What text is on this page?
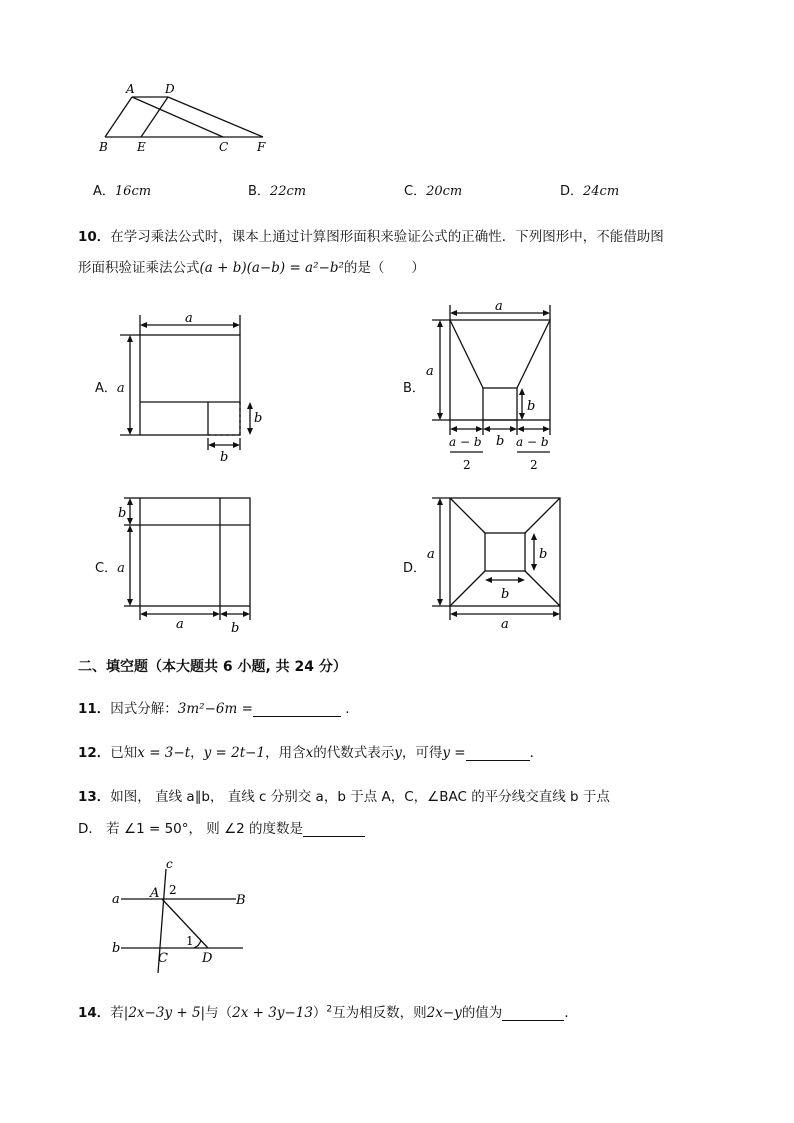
A	D
B E	C F
A．16cm	B．22cm	C．20cm	D．24cm
10．在学习乘法公式时，课本上通过计算图形面积来验证公式的正确性．下列图形中，不能借助图
形面积验证乘法公式(a + b)(a−b) = a²−b²的是（　　）
A．a
a
b
b
B．
a
a
b
a − b
2
b a − b
2
C．a
b
a	b
D．
a	b
b
a
二、填空题（本大题共 6 小题, 共 24 分）
11．因式分解：3m²−6m =	.
12．已知x = 3−t，y = 2t−1，用含x的代数式表示y，可得y =	．
13．如图， 直线 a∥b， 直线 c 分别交 a，b 于点 A，C，∠BAC 的平分线交直线 b 于点
D． 若 ∠1 = 50°， 则 ∠2 的度数是
c
a A 2
B
b	1
C	D
14．若|2x−3y + 5|与$(2x + 3y-13)^2$互为相反数，则2x−y的值为	．
